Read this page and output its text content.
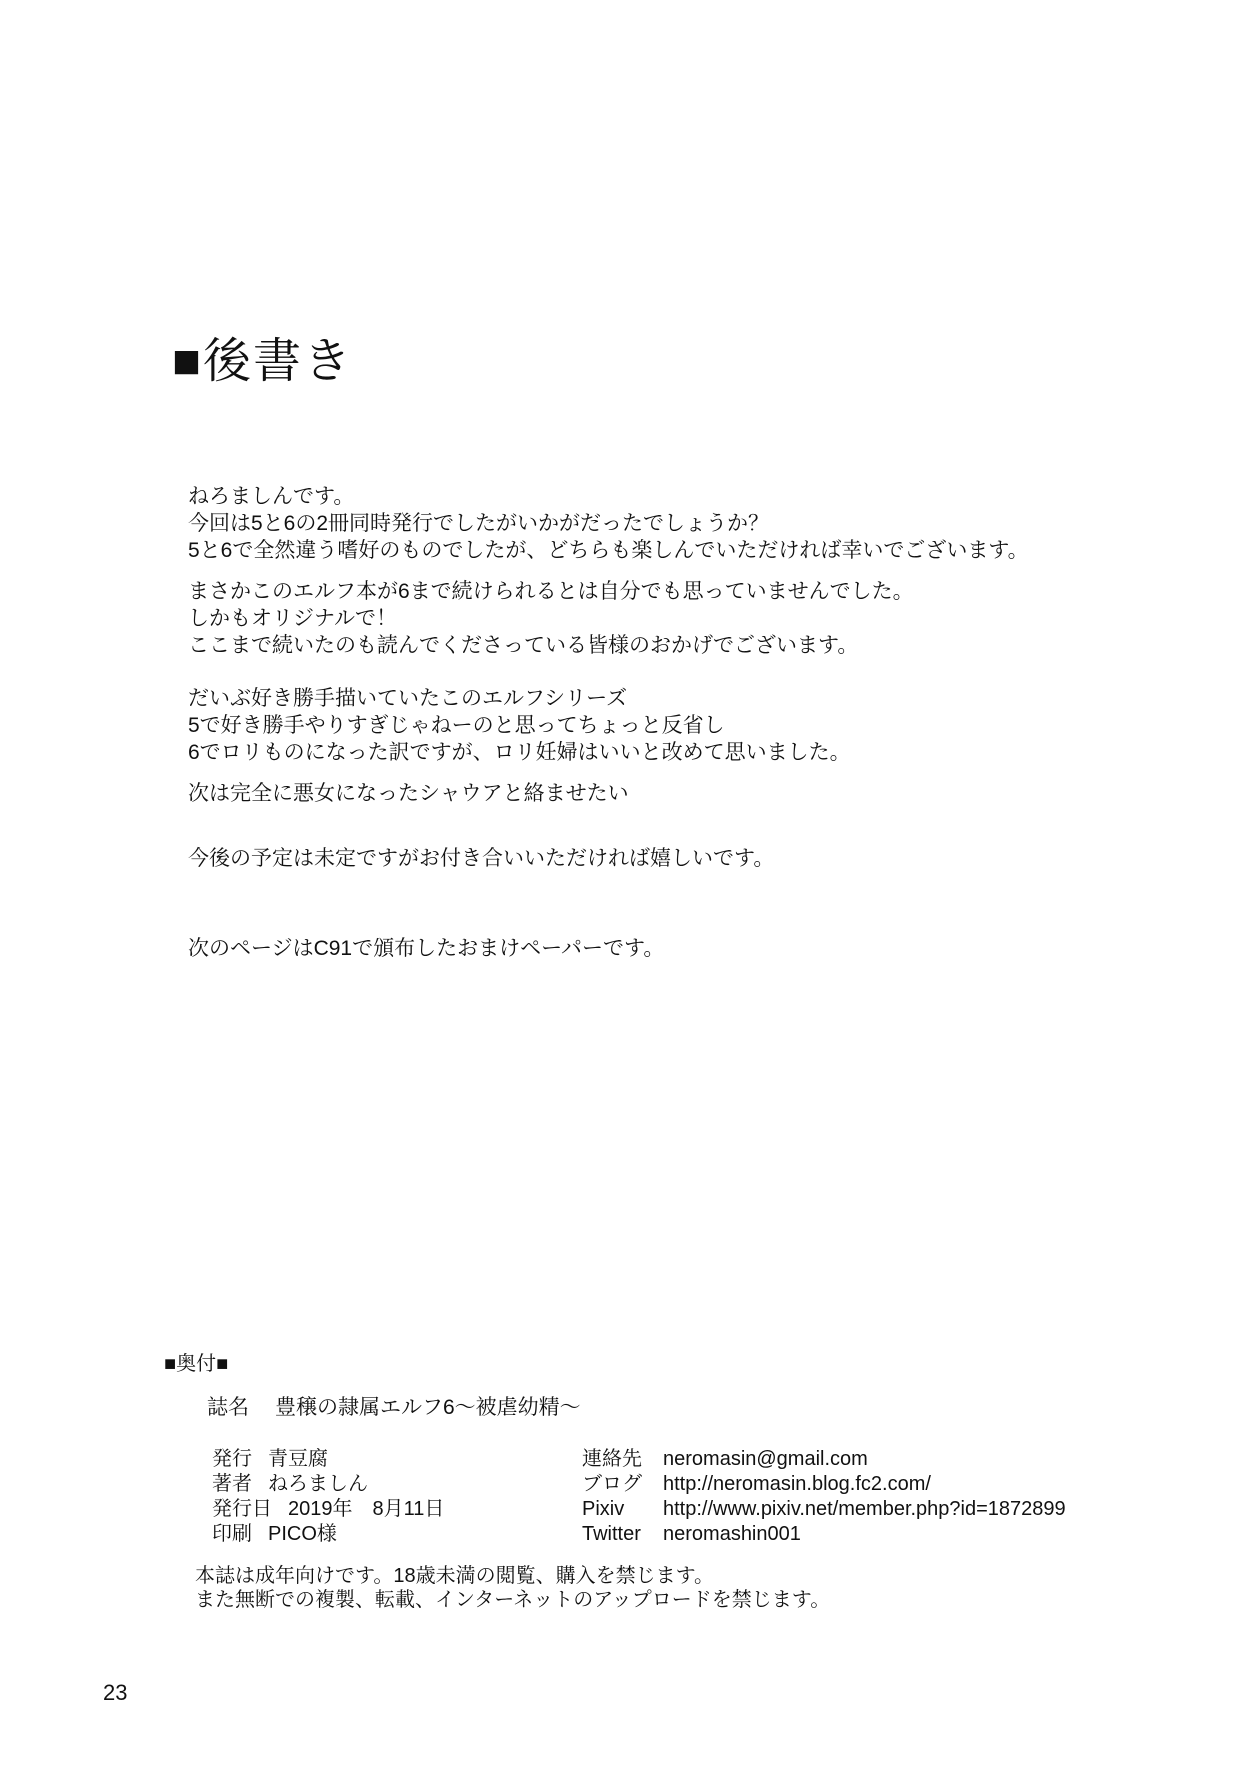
■後書き
ねろましんです。
今回は5と6の2冊同時発行でしたがいかがだったでしょうか？
5と6で全然違う嗜好のものでしたが、どちらも楽しんでいただければ幸いでございます。
まさかこのエルフ本が6まで続けられるとは自分でも思っていませんでした。
しかもオリジナルで！
ここまで続いたのも読んでくださっている皆様のおかげでございます。
だいぶ好き勝手描いていたこのエルフシリーズ
5で好き勝手やりすぎじゃねーのと思ってちょっと反省し
6でロリものになった訳ですが、ロリ妊婦はいいと改めて思いました。
次は完全に悪女になったシャウアと絡ませたい
今後の予定は未定ですがお付き合いいただければ嬉しいです。
次のページはC91で頒布したおまけペーパーです。
■奥付■
誌名 豊穣の隷属エルフ6～被虐幼精～
発行 青豆腐
著者 ねろましん
発行日 2019年　8月11日
印刷 PICO様
連絡先 neromasin@gmail.com
ブログ http://neromasin.blog.fc2.com/
Pixiv http://www.pixiv.net/member.php?id=1872899
Twitter neromashin001
本誌は成年向けです。18歳未満の閲覧、購入を禁じます。
また無断での複製、転載、インターネットのアップロードを禁じます。
23
